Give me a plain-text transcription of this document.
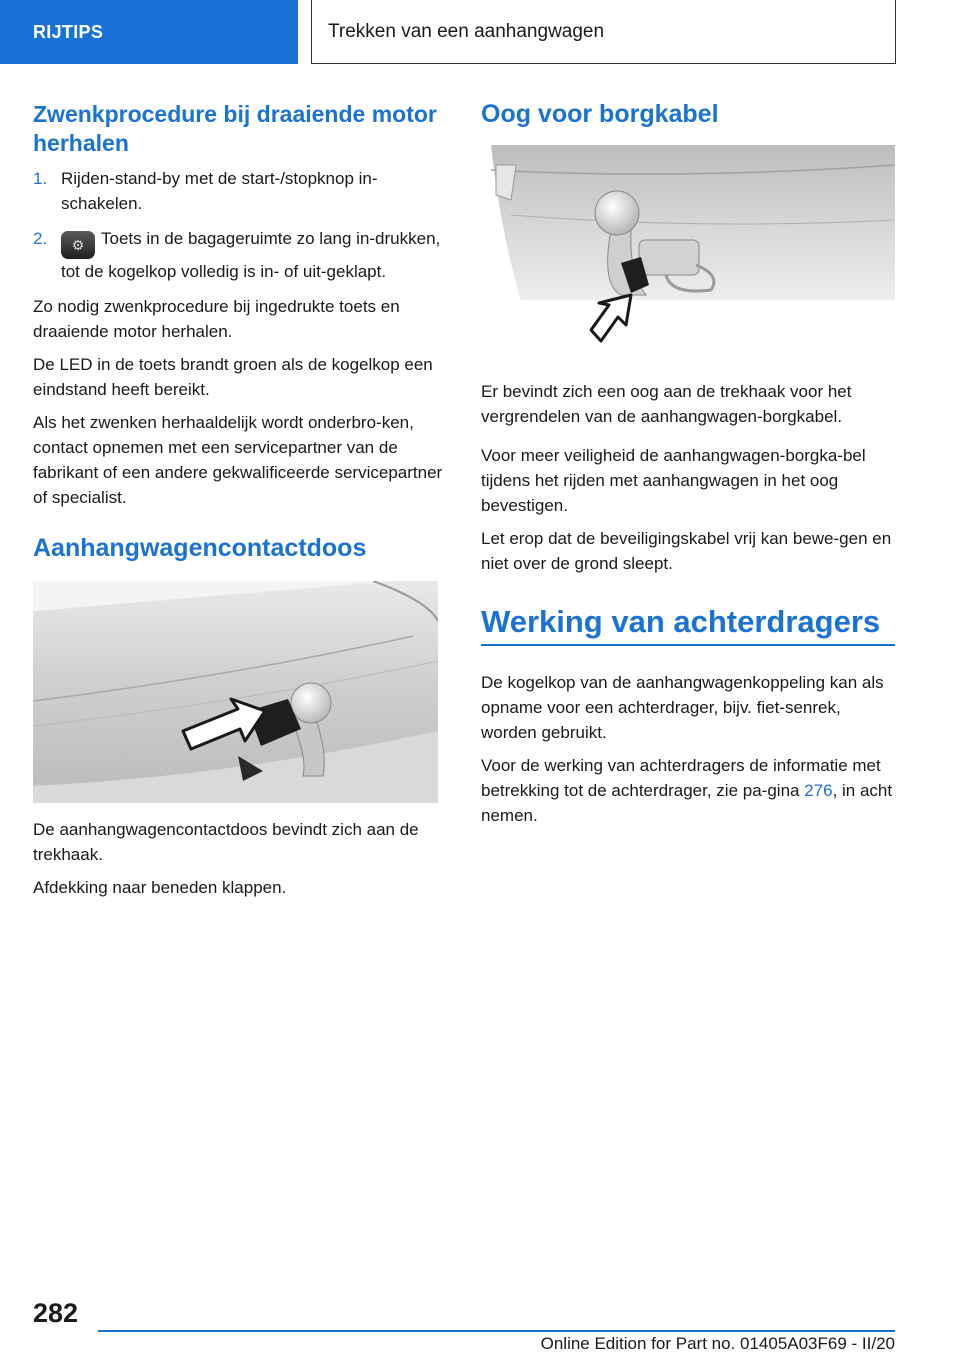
RIJTIPS	Trekken van een aanhangwagen
Zwenkprocedure bij draaiende motor herhalen
1. Rijden-stand-by met de start-/stopknop in-schakelen.
2. ⚙ Toets in de bagageruimte zo lang in-drukken, tot de kogelkop volledig is in- of uit-geklapt.

Zo nodig zwenkprocedure bij ingedrukte toets en draaiende motor herhalen.

De LED in de toets brandt groen als de kogelkop een eindstand heeft bereikt.

Als het zwenken herhaaldelijk wordt onderbro-ken, contact opnemen met een servicepartner van de fabrikant of een andere gekwalificeerde servicepartner of specialist.

Aanhangwagencontactdoos

De aanhangwagencontactdoos bevindt zich aan de trekhaak.

Afdekking naar beneden klappen.

Oog voor borgkabel

Er bevindt zich een oog aan de trekhaak voor het vergrendelen van de aanhangwagen-borgkabel.

Voor meer veiligheid de aanhangwagen-borgka-bel tijdens het rijden met aanhangwagen in het oog bevestigen.

Let erop dat de beveiligingskabel vrij kan bewe-gen en niet over de grond sleept.

Werking van achterdragers

De kogelkop van de aanhangwagenkoppeling kan als opname voor een achterdrager, bijv. fiet-senrek, worden gebruikt.

Voor de werking van achterdragers de informatie met betrekking tot de achterdrager, zie pa-gina 276, in acht nemen.

282
Online Edition for Part no. 01405A03F69 - II/20
